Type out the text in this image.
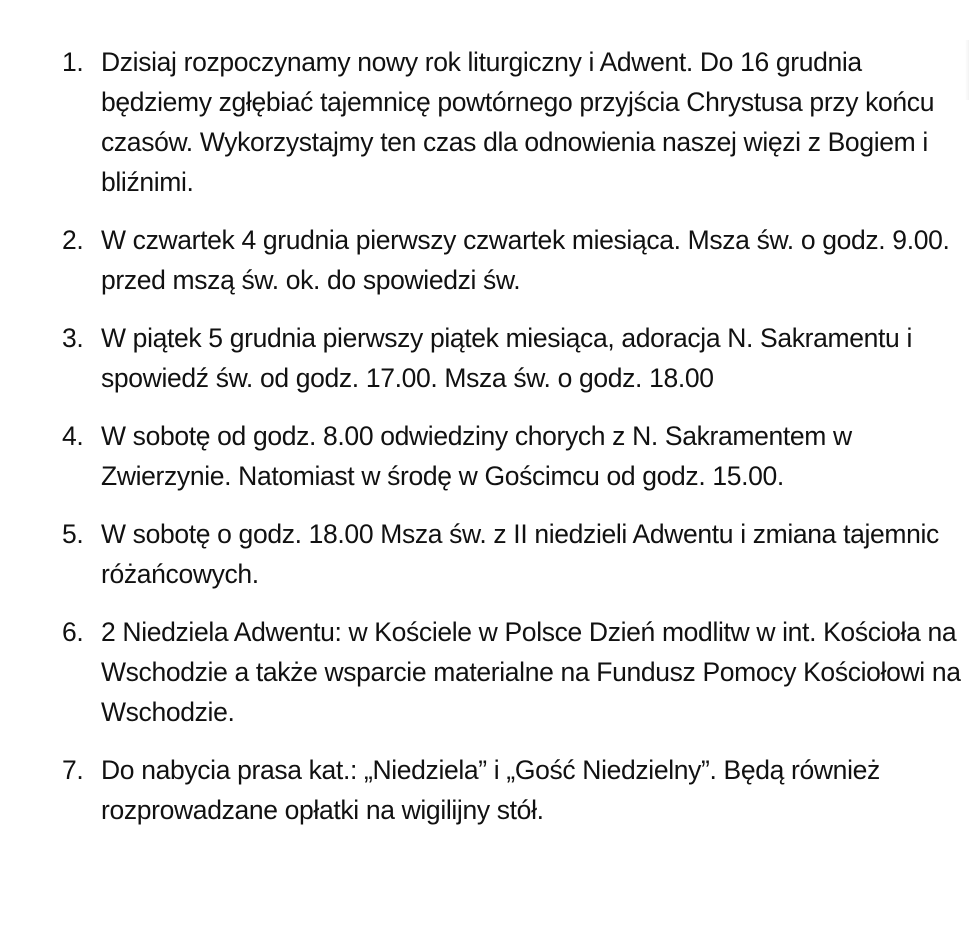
1. Dzisiaj rozpoczynamy nowy rok liturgiczny i Adwent. Do 16 grudnia będziemy zgłębiać tajemnicę powtórnego przyjścia Chrystusa przy końcu czasów. Wykorzystajmy ten czas dla odnowienia naszej więzi z Bogiem i bliźnimi.
2. W czwartek 4 grudnia pierwszy czwartek miesiąca. Msza św. o godz. 9.00. przed mszą św. ok. do spowiedzi św.
3. W piątek 5 grudnia pierwszy piątek miesiąca, adoracja N. Sakramentu i spowiedź św. od godz. 17.00. Msza św. o godz. 18.00
4. W sobotę od godz. 8.00 odwiedziny chorych z N. Sakramentem w Zwierzynie. Natomiast w środę w Gościmcu od godz. 15.00.
5. W sobotę o godz. 18.00 Msza św. z II niedzieli Adwentu i zmiana tajemnic różańcowych.
6. 2 Niedziela Adwentu: w Kościele w Polsce Dzień modlitw w int. Kościoła na Wschodzie a także wsparcie materialne na Fundusz Pomocy Kościołowi na Wschodzie.
7. Do nabycia prasa kat.: „Niedziela” i „Gość Niedzielny”. Będą również rozprowadzane opłatki na wigilijny stół.
